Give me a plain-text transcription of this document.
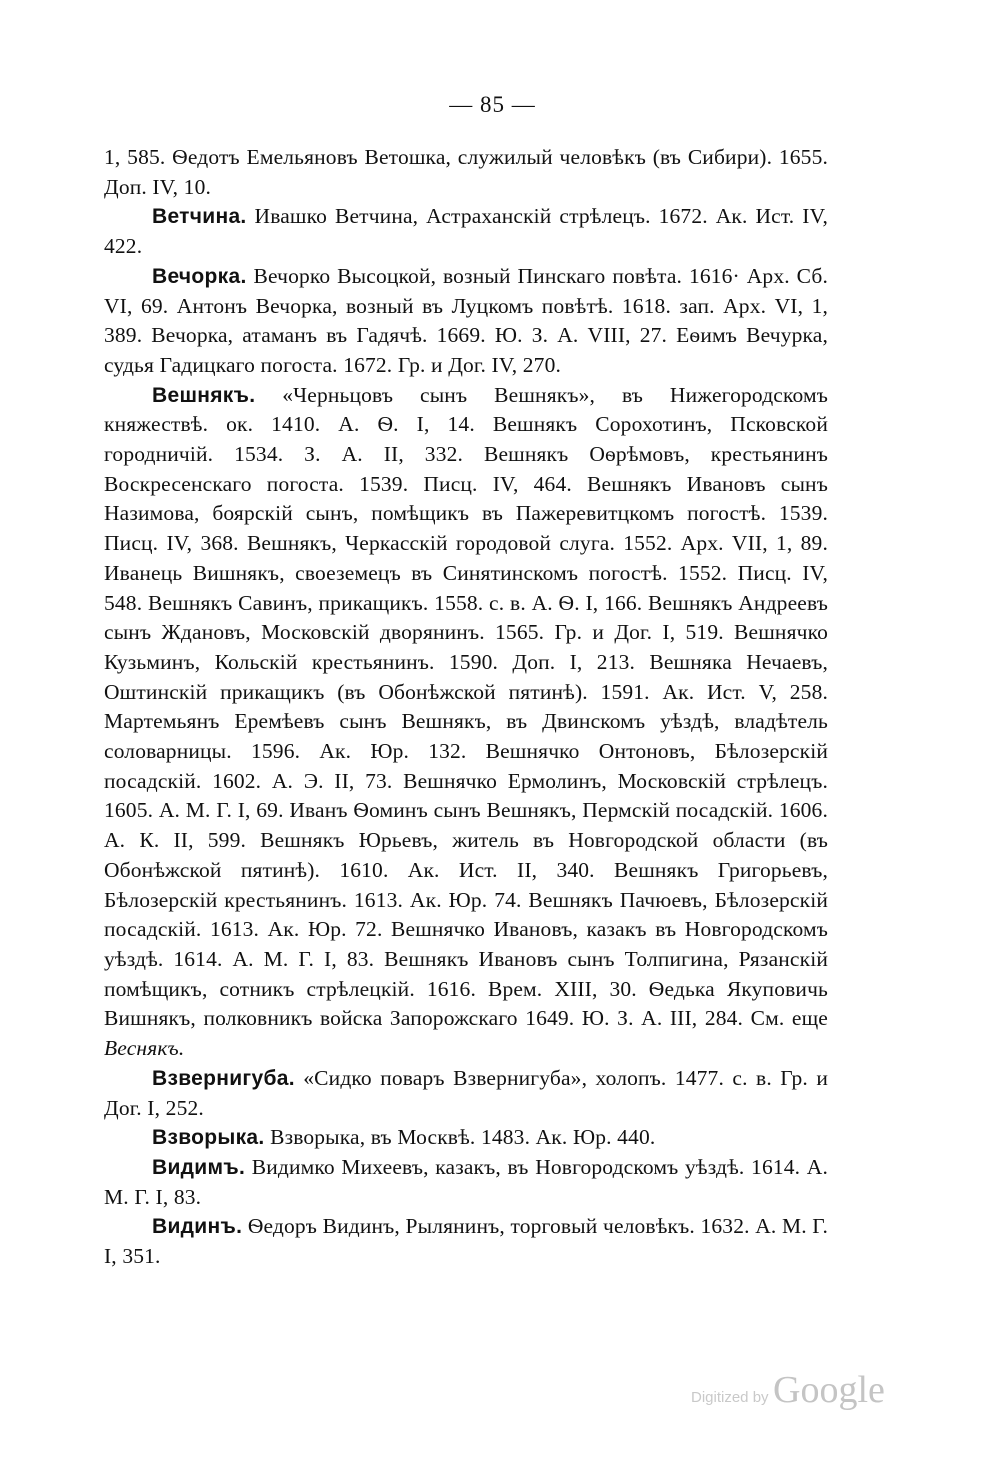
— 85 —

1, 585. Ѳедотъ Емельяновъ Ветошка, служилый человѣкъ (въ Сибири). 1655. Доп. IV, 10.

Ветчина. Ивашко Ветчина, Астраханскій стрѣлецъ. 1672. Ак. Ист. IV, 422.

Вечорка. Вечорко Высоцкой, возный Пинскаго повѣта. 1616· Арх. Сб. VI, 69. Антонъ Вечорка, возный въ Луцкомъ повѣтѣ. 1618. зап. Арх. VI, 1, 389. Вечорка, атаманъ въ Гадячѣ. 1669. Ю. З. А. VIII, 27. Еѳимъ Вечурка, судья Гадицкаго погоста. 1672. Гр. и Дог. IV, 270.

Вешнякъ. «Черньцовъ сынъ Вешнякъ», въ Нижегородскомъ княжествѣ. ок. 1410. А. Ѳ. I, 14. Вешнякъ Сорохотинъ, Псковской городничій. 1534. З. А. II, 332. Вешнякъ Оѳрѣмовъ, крестьянинъ Воскресенскаго погоста. 1539. Писц. IV, 464. Вешнякъ Ивановъ сынъ Назимова, боярскій сынъ, помѣщикъ въ Пажеревитцкомъ погостѣ. 1539. Писц. IV, 368. Вешнякъ, Черкасскій городовой слуга. 1552. Арх. VII, 1, 89. Иванець Вишнякъ, своеземецъ въ Синятинскомъ погостѣ. 1552. Писц. IV, 548. Вешнякъ Савинъ, прикащикъ. 1558. с. в. А. Ѳ. I, 166. Вешнякъ Андреевъ сынъ Ждановъ, Московскій дворянинъ. 1565. Гр. и Дог. I, 519. Вешнячко Кузьминъ, Кольскій крестьянинъ. 1590. Доп. I, 213. Вешняка Нечаевъ, Оштинскій прикащикъ (въ Обонѣжской пятинѣ). 1591. Ак. Ист. V, 258. Мартемьянъ Еремѣевъ сынъ Вешнякъ, въ Двинскомъ уѣздѣ, владѣтель соловарницы. 1596. Ак. Юр. 132. Вешнячко Онтоновъ, Бѣлозерскій посадскій. 1602. А. Э. II, 73. Вешнячко Ермолинъ, Московскій стрѣлецъ. 1605. А. М. Г. I, 69. Иванъ Ѳоминъ сынъ Вешнякъ, Пермскій посадскій. 1606. А. К. II, 599. Вешнякъ Юрьевъ, житель въ Новгородской области (въ Обонѣжской пятинѣ). 1610. Ак. Ист. II, 340. Вешнякъ Григорьевъ, Бѣлозерскій крестьянинъ. 1613. Ак. Юр. 74. Вешнякъ Пачюевъ, Бѣлозерскій посадскій. 1613. Ак. Юр. 72. Вешнячко Ивановъ, казакъ въ Новгородскомъ уѣздѣ. 1614. А. М. Г. I, 83. Вешнякъ Ивановъ сынъ Толпигина, Рязанскій помѣщикъ, сотникъ стрѣлецкій. 1616. Врем. XIII, 30. Ѳедька Якуповичь Вишнякъ, полковникъ войска Запорожскаго 1649. Ю. З. А. III, 284. См. еще Веснякъ.

Взвернигуба. «Сидко поваръ Взвернигуба», холопъ. 1477. с. в. Гр. и Дог. I, 252.

Взворыка. Взворыка, въ Москвѣ. 1483. Ак. Юр. 440.

Видимъ. Видимко Михеевъ, казакъ, въ Новгородскомъ уѣздѣ. 1614. А. М. Г. I, 83.

Видинъ. Ѳедоръ Видинъ, Рылянинъ, торговый человѣкъ. 1632. А. М. Г. I, 351.

Digitized by Google
